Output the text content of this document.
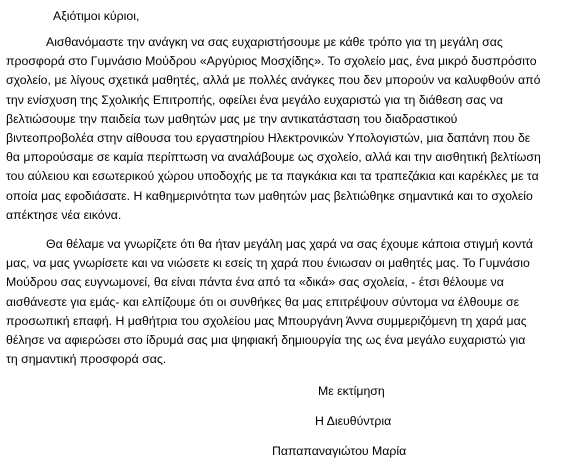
Αξιότιμοι κύριοι,

Αισθανόμαστε την ανάγκη να σας ευχαριστήσουμε με κάθε τρόπο για τη μεγάλη σας
προσφορά στο Γυμνάσιο Μούδρου «Αργύριος Μοσχίδης». Το σχολείο μας, ένα μικρό δυσπρόσιτο
σχολείο, με λίγους σχετικά μαθητές, αλλά με πολλές ανάγκες που δεν μπορούν να καλυφθούν από
την ενίσχυση της Σχολικής Επιτροπής, οφείλει ένα μεγάλο ευχαριστώ για τη διάθεση σας να
βελτιώσουμε την παιδεία των μαθητών μας με την αντικατάσταση του διαδραστικού
βιντεοπροβολέα στην αίθουσα του εργαστηρίου Ηλεκτρονικών Υπολογιστών, μια δαπάνη που δε
θα μπορούσαμε σε καμία περίπτωση να αναλάβουμε ως σχολείο, αλλά και την αισθητική βελτίωση
του αύλειου και εσωτερικού χώρου υποδοχής με τα παγκάκια και τα τραπεζάκια και καρέκλες με τα
οποία μας εφοδιάσατε. Η καθημερινότητα των μαθητών μας βελτιώθηκε σημαντικά και το σχολείο
απέκτησε νέα εικόνα.
Θα θέλαμε να γνωρίζετε ότι θα ήταν μεγάλη μας χαρά να σας έχουμε κάποια στιγμή κοντά
μας, να μας γνωρίσετε και να νιώσετε κι εσείς τη χαρά που ένιωσαν οι μαθητές μας. Το Γυμνάσιο
Μούδρου σας ευγνωμονεί, θα είναι πάντα ένα από τα «δικά» σας σχολεία, - έτσι θέλουμε να
αισθάνεστε για εμάς- και ελπίζουμε ότι οι συνθήκες θα μας επιτρέψουν σύντομα να έλθουμε σε
προσωπική επαφή. Η μαθήτρια του σχολείου μας Μπουργάνη Άννα συμμεριζόμενη τη χαρά μας
θέλησε να αφιερώσει στο ίδρυμά σας μια ψηφιακή δημιουργία της ως ένα μεγάλο ευχαριστώ για
τη σημαντική προσφορά σας.

Με εκτίμηση

Η Διευθύντρια

Παπαπαναγιώτου Μαρία
